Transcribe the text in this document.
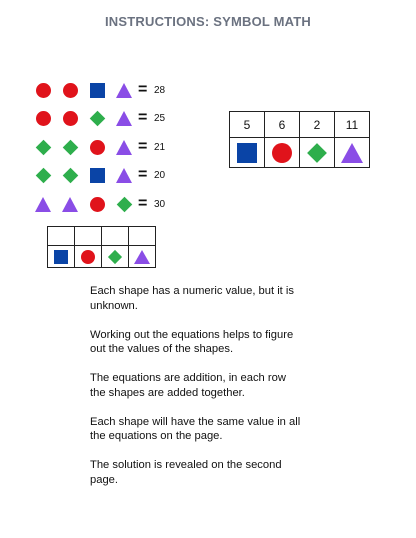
INSTRUCTIONS: SYMBOL MATH
= 28
= 25
= 21
= 20
= 30
5	6	2	11

Each shape has a numeric value, but it is unknown.

Working out the equations helps to figure out the values of the shapes.

The equations are addition, in each row the shapes are added together.

Each shape will have the same value in all the equations on the page.

The solution is revealed on the second page.
